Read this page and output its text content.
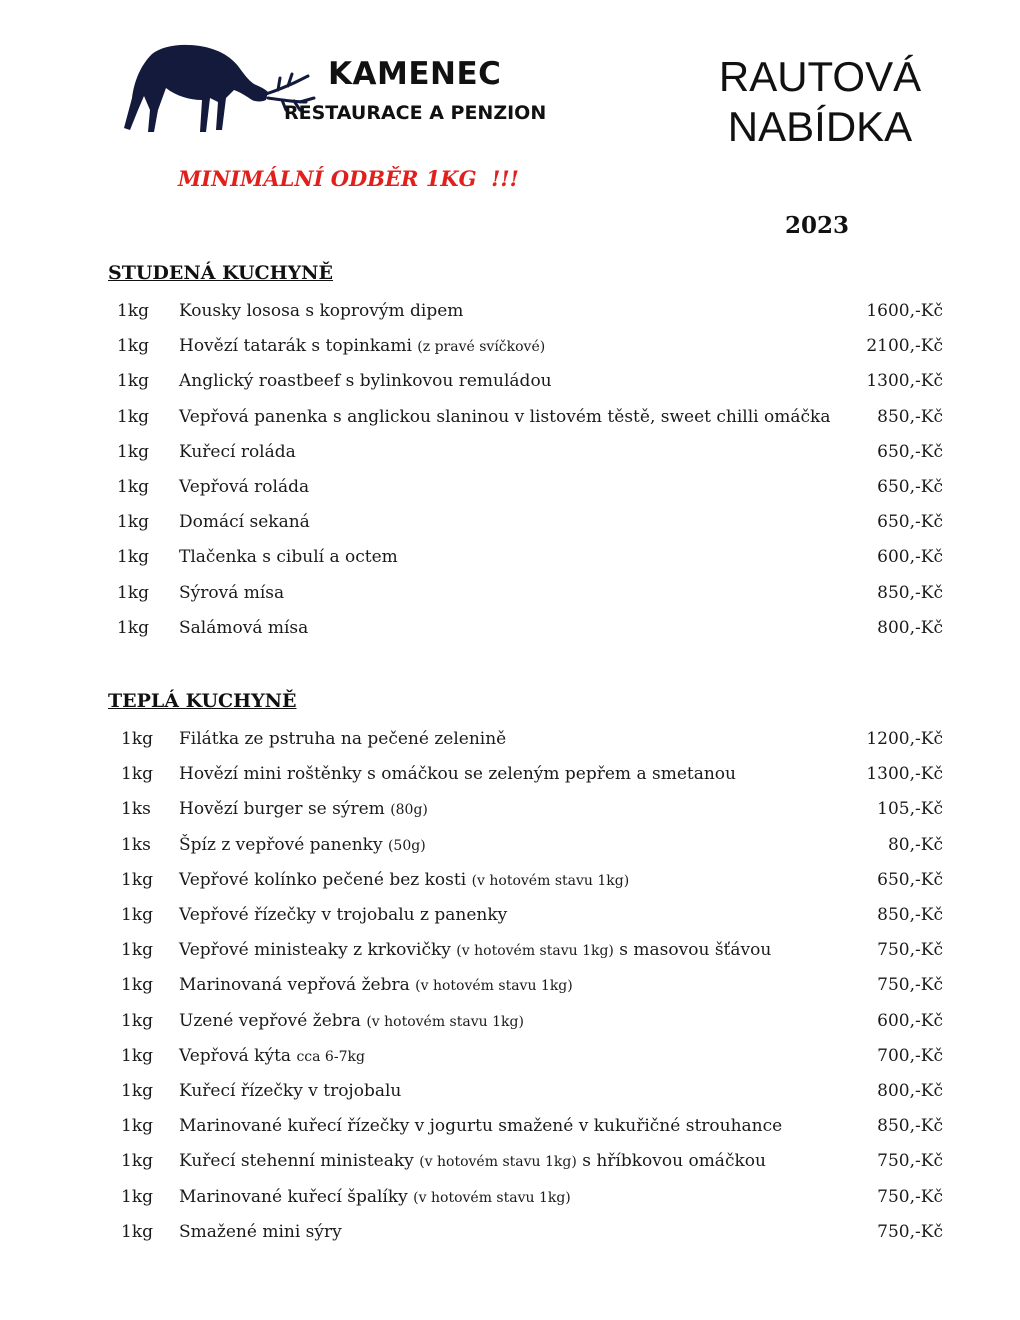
KAMENEC
RESTAURACE A PENZION
RAUTOVÁ
NABÍDKA
MINIMÁLNÍ ODBĚR 1KG  !!!
2023
STUDENÁ KUCHYNĚ
1kg Kousky lososa s koprovým dipem	1600,-Kč
1kg Hovězí tatarák s topinkami (z pravé svíčkové)	2100,-Kč
1kg Anglický roastbeef s bylinkovou remuládou	1300,-Kč
1kg Vepřová panenka s anglickou slaninou v listovém těstě, sweet chilli omáčka	850,-Kč
1kg Kuřecí roláda	650,-Kč
1kg Vepřová roláda	650,-Kč
1kg Domácí sekaná	650,-Kč
1kg Tlačenka s cibulí a octem	600,-Kč
1kg Sýrová mísa	850,-Kč
1kg Salámová mísa	800,-Kč
TEPLÁ KUCHYNĚ
1kg Filátka ze pstruha na pečené zelenině	1200,-Kč
1kg Hovězí mini roštěnky s omáčkou se zeleným pepřem a smetanou	1300,-Kč
1ks Hovězí burger se sýrem (80g)	105,-Kč
1ks Špíz z vepřové panenky (50g)	80,-Kč
1kg Vepřové kolínko pečené bez kosti (v hotovém stavu 1kg)	650,-Kč
1kg Vepřové řízečky v trojobalu z panenky	850,-Kč
1kg Vepřové ministeaky z krkovičky (v hotovém stavu 1kg) s masovou šťávou	750,-Kč
1kg Marinovaná vepřová žebra (v hotovém stavu 1kg)	750,-Kč
1kg Uzené vepřové žebra (v hotovém stavu 1kg)	600,-Kč
1kg Vepřová kýta cca 6-7kg	700,-Kč
1kg Kuřecí řízečky v trojobalu	800,-Kč
1kg Marinované kuřecí řízečky v jogurtu smažené v kukuřičné strouhance	850,-Kč
1kg Kuřecí stehenní ministeaky (v hotovém stavu 1kg) s hříbkovou omáčkou	750,-Kč
1kg Marinované kuřecí špalíky (v hotovém stavu 1kg)	750,-Kč
1kg Smažené mini sýry	750,-Kč
